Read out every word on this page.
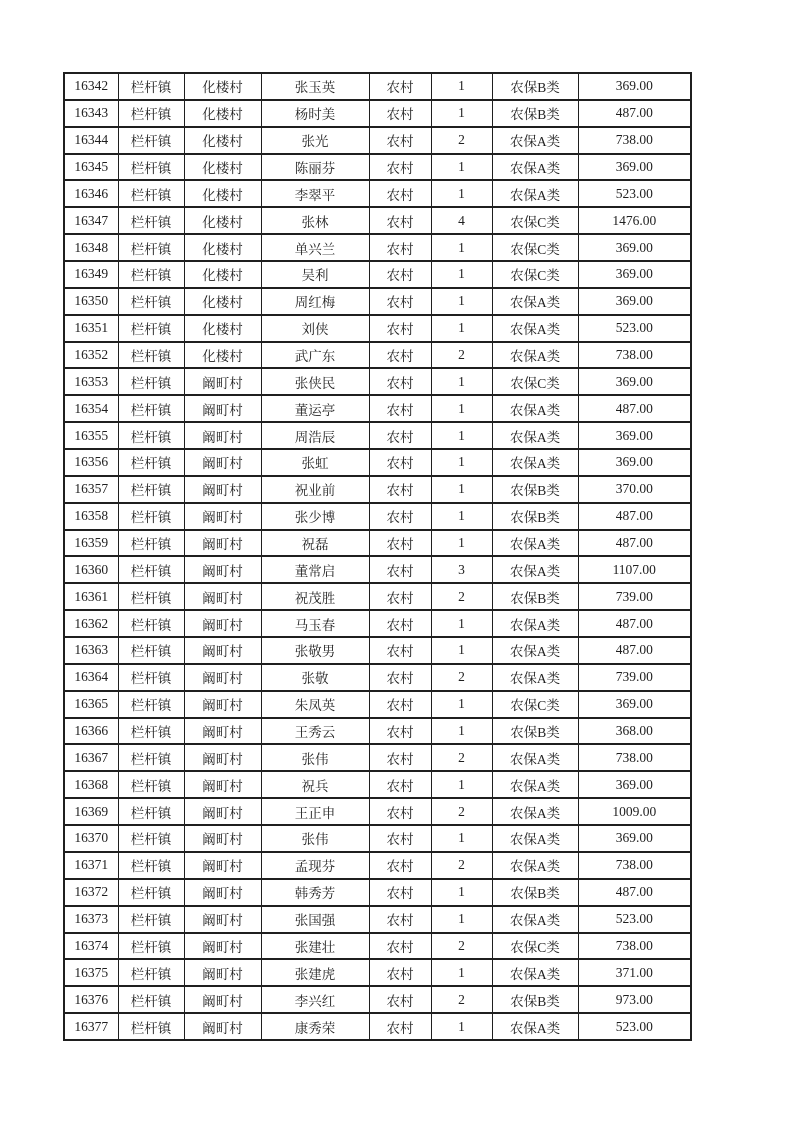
16342	栏杆镇	化楼村	张玉英	农村	1	农保B类	369.00
16343	栏杆镇	化楼村	杨时美	农村	1	农保B类	487.00
16344	栏杆镇	化楼村	张光	农村	2	农保A类	738.00
16345	栏杆镇	化楼村	陈丽芬	农村	1	农保A类	369.00
16346	栏杆镇	化楼村	李翠平	农村	1	农保A类	523.00
16347	栏杆镇	化楼村	张林	农村	4	农保C类	1476.00
16348	栏杆镇	化楼村	单兴兰	农村	1	农保C类	369.00
16349	栏杆镇	化楼村	吴利	农村	1	农保C类	369.00
16350	栏杆镇	化楼村	周红梅	农村	1	农保A类	369.00
16351	栏杆镇	化楼村	刘侠	农村	1	农保A类	523.00
16352	栏杆镇	化楼村	武广东	农村	2	农保A类	738.00
16353	栏杆镇	阚町村	张侠民	农村	1	农保C类	369.00
16354	栏杆镇	阚町村	董运亭	农村	1	农保A类	487.00
16355	栏杆镇	阚町村	周浩辰	农村	1	农保A类	369.00
16356	栏杆镇	阚町村	张虹	农村	1	农保A类	369.00
16357	栏杆镇	阚町村	祝业前	农村	1	农保B类	370.00
16358	栏杆镇	阚町村	张少博	农村	1	农保B类	487.00
16359	栏杆镇	阚町村	祝磊	农村	1	农保A类	487.00
16360	栏杆镇	阚町村	董常启	农村	3	农保A类	1107.00
16361	栏杆镇	阚町村	祝茂胜	农村	2	农保B类	739.00
16362	栏杆镇	阚町村	马玉春	农村	1	农保A类	487.00
16363	栏杆镇	阚町村	张敬男	农村	1	农保A类	487.00
16364	栏杆镇	阚町村	张敬	农村	2	农保A类	739.00
16365	栏杆镇	阚町村	朱凤英	农村	1	农保C类	369.00
16366	栏杆镇	阚町村	王秀云	农村	1	农保B类	368.00
16367	栏杆镇	阚町村	张伟	农村	2	农保A类	738.00
16368	栏杆镇	阚町村	祝兵	农村	1	农保A类	369.00
16369	栏杆镇	阚町村	王正申	农村	2	农保A类	1009.00
16370	栏杆镇	阚町村	张伟	农村	1	农保A类	369.00
16371	栏杆镇	阚町村	孟现芬	农村	2	农保A类	738.00
16372	栏杆镇	阚町村	韩秀芳	农村	1	农保B类	487.00
16373	栏杆镇	阚町村	张国强	农村	1	农保A类	523.00
16374	栏杆镇	阚町村	张建壮	农村	2	农保C类	738.00
16375	栏杆镇	阚町村	张建虎	农村	1	农保A类	371.00
16376	栏杆镇	阚町村	李兴红	农村	2	农保B类	973.00
16377	栏杆镇	阚町村	康秀荣	农村	1	农保A类	523.00
